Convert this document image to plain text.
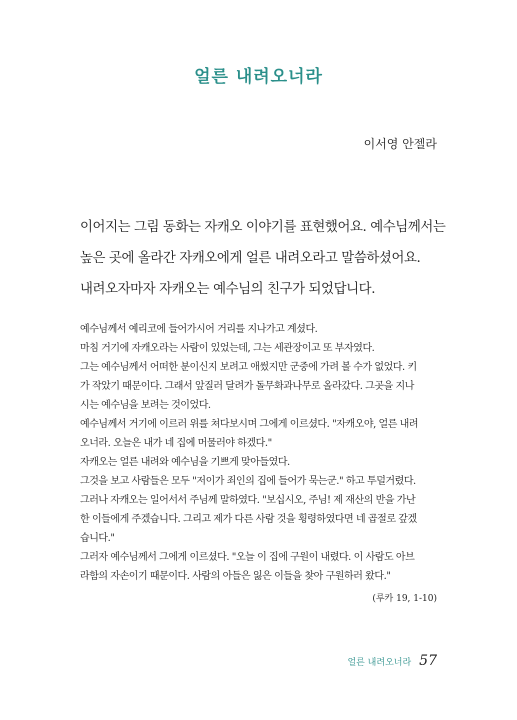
얼른 내려오너라
이서영 안젤라
이어지는 그림 동화는 자캐오 이야기를 표현했어요. 예수님께서는
높은 곳에 올라간 자캐오에게 얼른 내려오라고 말씀하셨어요.
내려오자마자 자캐오는 예수님의 친구가 되었답니다.
예수님께서 예리코에 들어가시어 거리를 지나가고 계셨다.
마침 거기에 자캐오라는 사람이 있었는데, 그는 세관장이고 또 부자였다.
그는 예수님께서 어떠한 분이신지 보려고 애썼지만 군중에 가려 볼 수가 없었다. 키
가 작았기 때문이다. 그래서 앞질러 달려가 돌무화과나무로 올라갔다. 그곳을 지나
시는 예수님을 보려는 것이었다.
예수님께서 거기에 이르러 위를 쳐다보시며 그에게 이르셨다. "자캐오야, 얼른 내려
오너라. 오늘은 내가 네 집에 머물러야 하겠다."
자캐오는 얼른 내려와 예수님을 기쁘게 맞아들였다.
그것을 보고 사람들은 모두 "저이가 죄인의 집에 들어가 묵는군." 하고 투덜거렸다.
그러나 자캐오는 일어서서 주님께 말하였다. "보십시오, 주님! 제 재산의 반을 가난
한 이들에게 주겠습니다. 그리고 제가 다른 사람 것을 횡령하였다면 네 곱절로 갚겠
습니다."
그러자 예수님께서 그에게 이르셨다. "오늘 이 집에 구원이 내렸다. 이 사람도 아브
라함의 자손이기 때문이다. 사람의 아들은 잃은 이들을 찾아 구원하러 왔다."
(루카 19, 1-10)
얼른 내려오너라 57
